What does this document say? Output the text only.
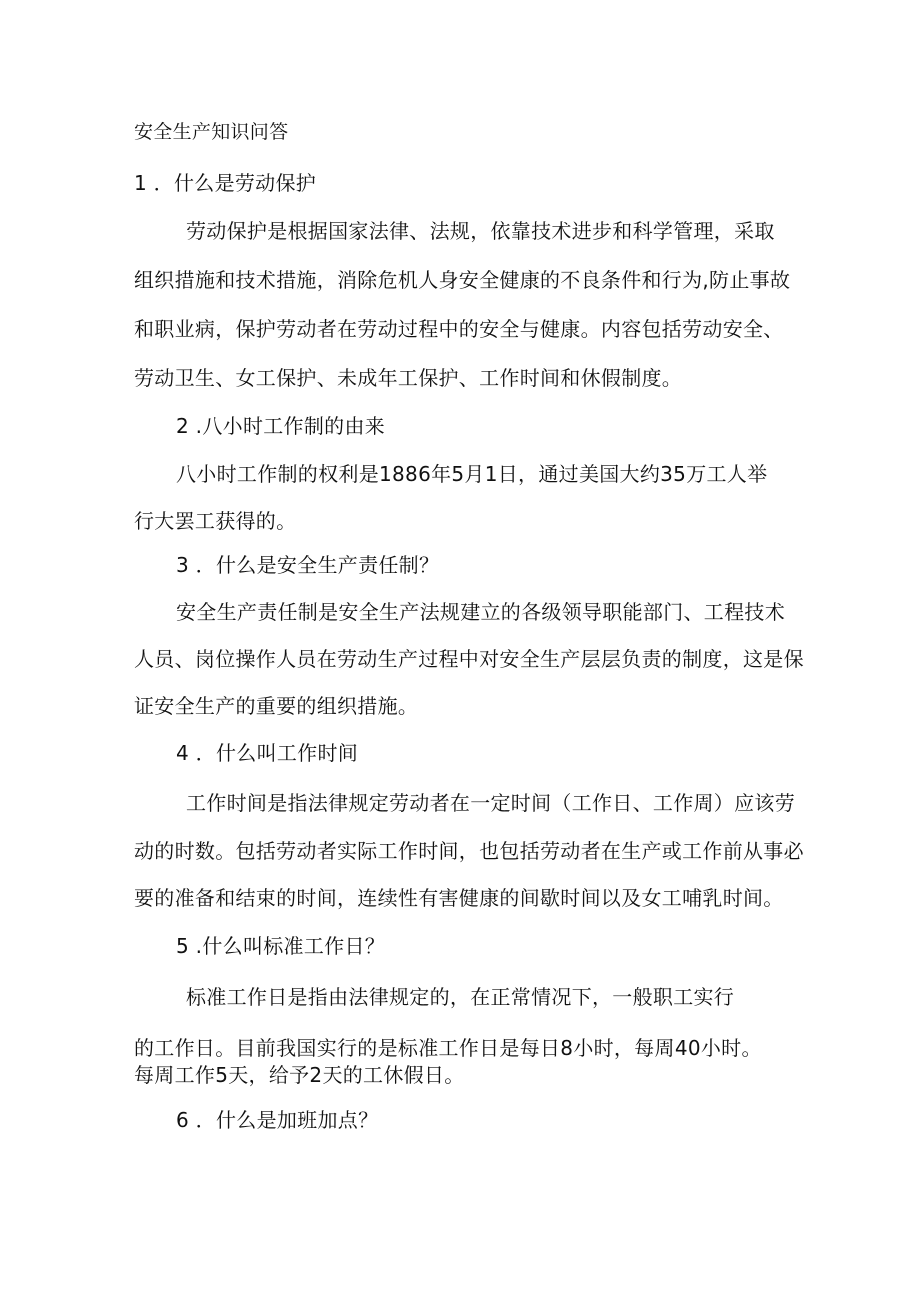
安全生产知识问答
1 ．什么是劳动保护
劳动保护是根据国家法律、法规，依靠技术进步和科学管理，采取
组织措施和技术措施，消除危机人身安全健康的不良条件和行为,防止事故
和职业病，保护劳动者在劳动过程中的安全与健康。内容包括劳动安全、
劳动卫生、女工保护、未成年工保护、工作时间和休假制度。
2 .八小时工作制的由来
八小时工作制的权利是1886年5月1日，通过美国大约35万工人举
行大罢工获得的。
3 ．什么是安全生产责任制？
安全生产责任制是安全生产法规建立的各级领导职能部门、工程技术
人员、岗位操作人员在劳动生产过程中对安全生产层层负责的制度，这是保
证安全生产的重要的组织措施。
4 ．什么叫工作时间
工作时间是指法律规定劳动者在一定时间（工作日、工作周）应该劳
动的时数。包括劳动者实际工作时间，也包括劳动者在生产或工作前从事必
要的准备和结束的时间，连续性有害健康的间歇时间以及女工哺乳时间。
5 .什么叫标准工作日？
标准工作日是指由法律规定的，在正常情况下，一般职工实行
的工作日。目前我国实行的是标准工作日是每日8小时，每周40小时。
每周工作5天，给予2天的工休假日。
6 ．什么是加班加点？
